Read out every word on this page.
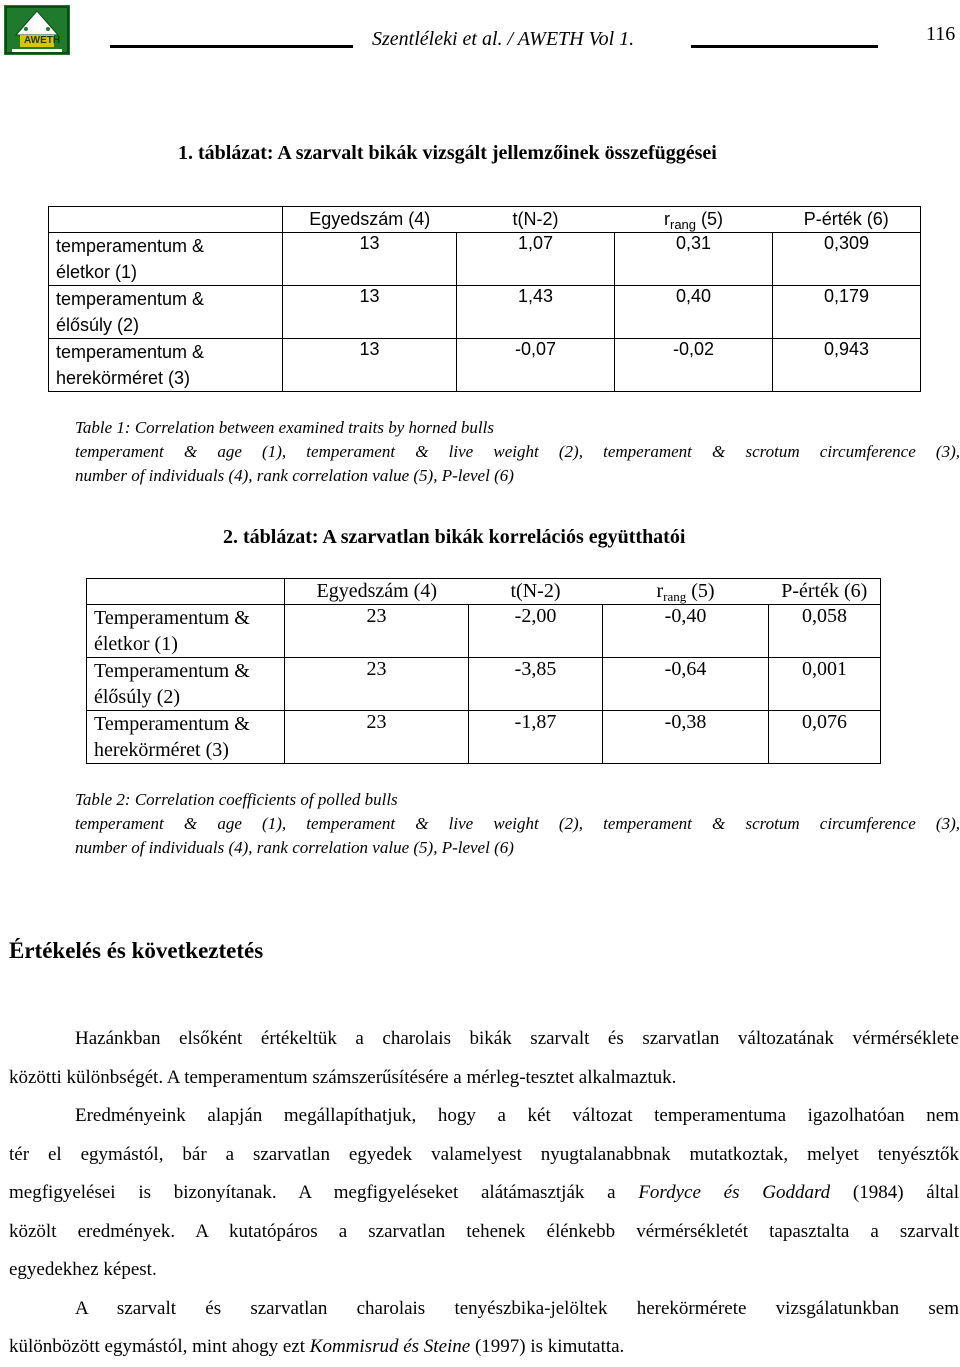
AWETH	Szentléleki et al. / AWETH Vol 1.	116
1. táblázat: A szarvalt bikák vizsgált jellemzőinek összefüggései
	Egyedszám (4)	t(N-2)	$r_{rang}$ (5)	P-érték (6)

temperamentum &
életkor (1)	13	1,07	0,31	0,309

temperamentum &
élősúly (2)	13	1,43	0,40	0,179

temperamentum &
herekörméret (3)	13	-0,07	-0,02	0,943
Table 1: Correlation between examined traits by horned bulls
temperament & age (1), temperament & live weight (2), temperament & scrotum circumference (3),
number of individuals (4), rank correlation value (5), P-level (6)
2. táblázat: A szarvatlan bikák korrelációs együtthatói
	Egyedszám (4)	t(N-2)	$r_{rang}$ (5)	P-érték (6)

Temperamentum &
életkor (1)	23	-2,00	-0,40	0,058

Temperamentum &
élősúly (2)	23	-3,85	-0,64	0,001

Temperamentum &
herekörméret (3)	23	-1,87	-0,38	0,076
Table 2: Correlation coefficients of polled bulls
temperament & age (1), temperament & live weight (2), temperament & scrotum circumference (3),
number of individuals (4), rank correlation value (5), P-level (6)
Értékelés és következtetés
Hazánkban elsőként értékeltük a charolais bikák szarvalt és szarvatlan változatának vérmérséklete
közötti különbségét. A temperamentum számszerűsítésére a mérleg-tesztet alkalmaztuk.
Eredményeink alapján megállapíthatjuk, hogy a két változat temperamentuma igazolhatóan nem
tér el egymástól, bár a szarvatlan egyedek valamelyest nyugtalanabbnak mutatkoztak, melyet tenyésztők
megfigyelései is bizonyítanak. A megfigyeléseket alátámasztják a Fordyce és Goddard (1984) által
közölt eredmények. A kutatópáros a szarvatlan tehenek élénkebb vérmérsékletét tapasztalta a szarvalt
egyedekhez képest.
A szarvalt és szarvatlan charolais tenyészbika-jelöltek herekörmérete vizsgálatunkban sem
különbözött egymástól, mint ahogy ezt Kommisrud és Steine (1997) is kimutatta.
